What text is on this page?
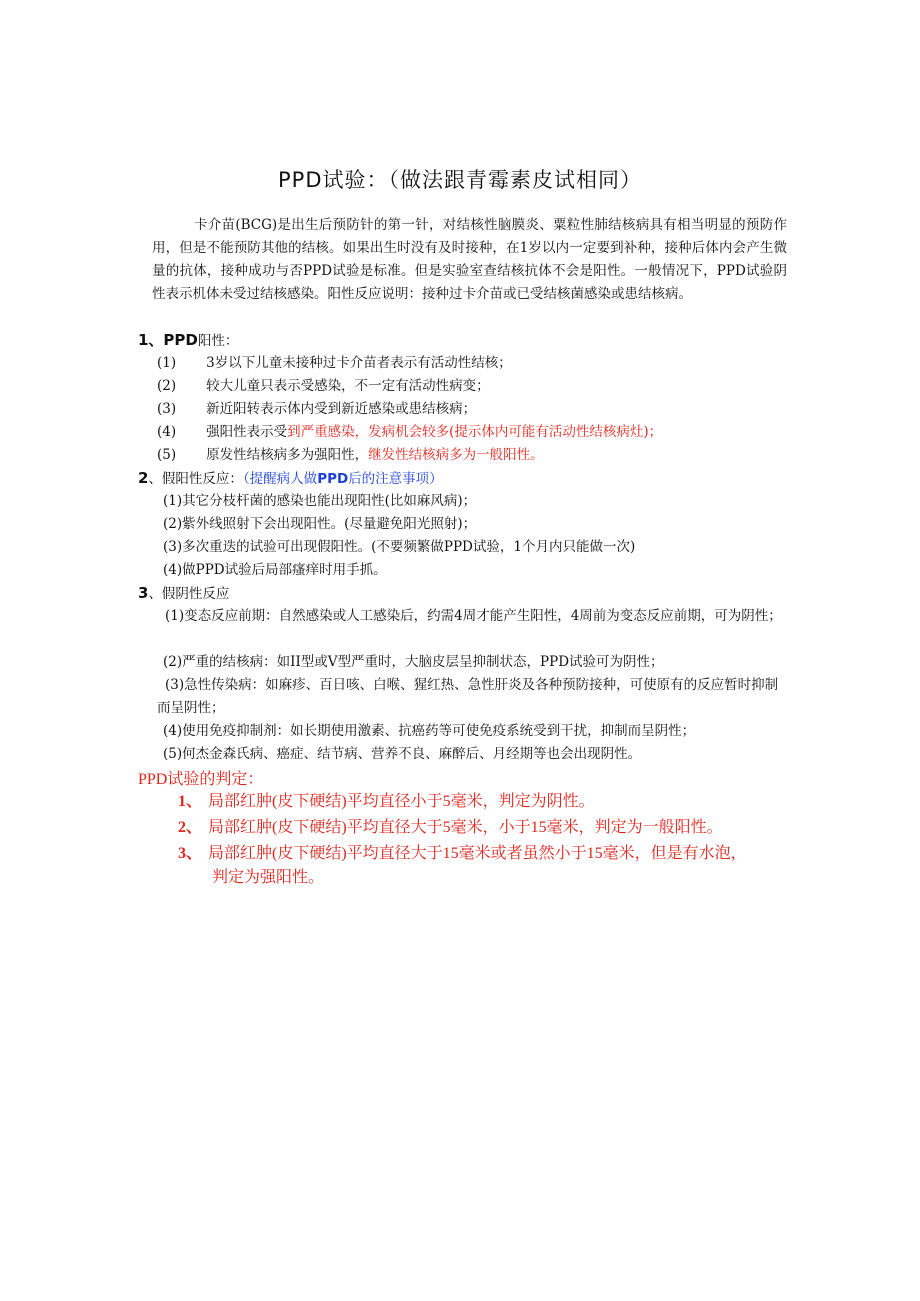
PPD试验：（做法跟青霉素皮试相同）
卡介苗(BCG)是出生后预防针的第一针，对结核性脑膜炎、粟粒性肺结核病具有相当明显的预防作用，但是不能预防其他的结核。如果出生时没有及时接种，在1岁以内一定要到补种，接种后体内会产生微量的抗体，接种成功与否PPD试验是标准。但是实验室查结核抗体不会是阳性。一般情况下，PPD试验阴性表示机体未受过结核感染。阳性反应说明：接种过卡介苗或已受结核菌感染或患结核病。
1、PPD阳性：
(1) 3岁以下儿童未接种过卡介苗者表示有活动性结核；
(2) 较大儿童只表示受感染，不一定有活动性病变；
(3) 新近阳转表示体内受到新近感染或患结核病；
(4) 强阳性表示受到严重感染，发病机会较多(提示体内可能有活动性结核病灶)；
(5) 原发性结核病多为强阳性，继发性结核病多为一般阳性。
2、假阳性反应：（提醒病人做PPD后的注意事项）
(1)其它分枝杆菌的感染也能出现阳性(比如麻风病)；
(2)紫外线照射下会出现阳性。(尽量避免阳光照射)；
(3)多次重迭的试验可出现假阳性。(不要频繁做PPD试验，1个月内只能做一次)
(4)做PPD试验后局部瘙痒时用手抓。
3、假阴性反应
(1)变态反应前期：自然感染或人工感染后，约需4周才能产生阳性，4周前为变态反应前期，可为阴性；
(2)严重的结核病：如II型或V型严重时，大脑皮层呈抑制状态，PPD试验可为阴性；
(3)急性传染病：如麻疹、百日咳、白喉、猩红热、急性肝炎及各种预防接种，可使原有的反应暂时抑制而呈阴性；
(4)使用免疫抑制剂：如长期使用激素、抗癌药等可使免疫系统受到干扰，抑制而呈阴性；
(5)何杰金森氏病、癌症、结节病、营养不良、麻醉后、月经期等也会出现阴性。
PPD试验的判定：
1、 局部红肿(皮下硬结)平均直径小于5毫米，判定为阴性。
2、 局部红肿(皮下硬结)平均直径大于5毫米，小于15毫米，判定为一般阳性。
3、 局部红肿(皮下硬结)平均直径大于15毫米或者虽然小于15毫米，但是有水泡，
判定为强阳性。
